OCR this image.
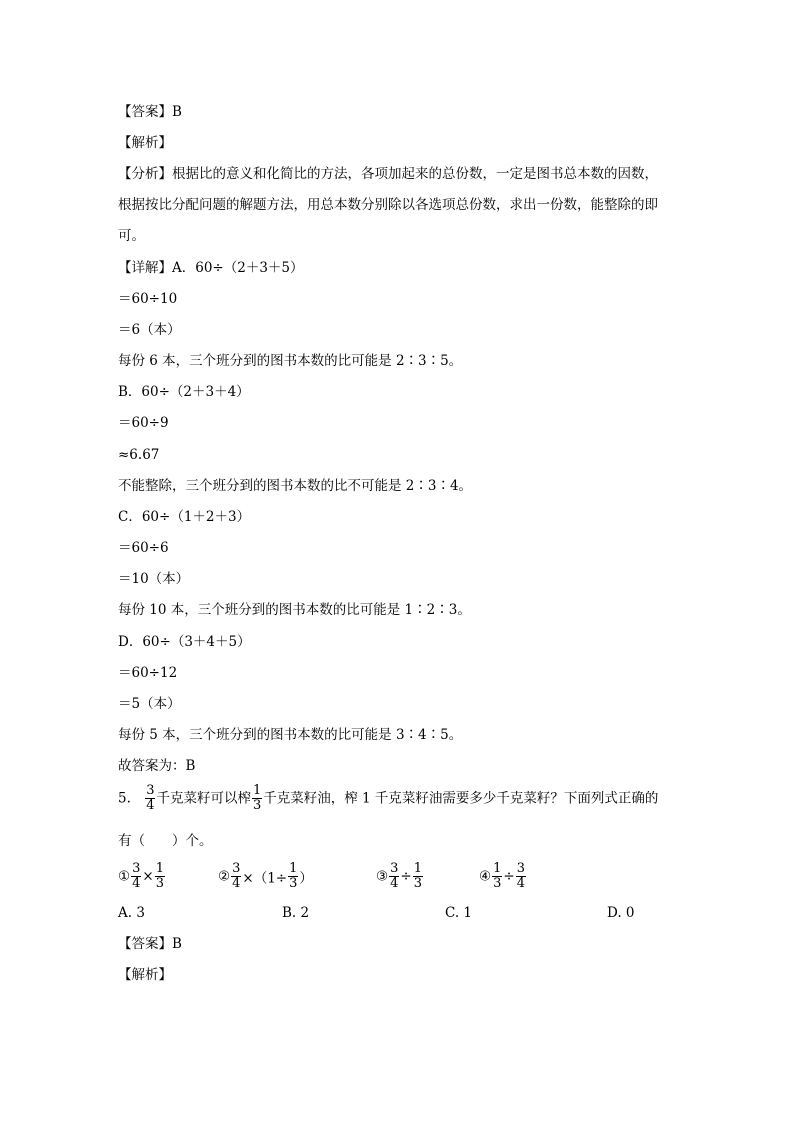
【答案】B
【解析】
【分析】根据比的意义和化简比的方法，各项加起来的总份数，一定是图书总本数的因数，
根据按比分配问题的解题方法，用总本数分别除以各选项总份数，求出一份数，能整除的即
可。
【详解】A．60÷（2＋3＋5）
＝60÷10
＝6（本）
每份 6 本，三个班分到的图书本数的比可能是 2∶3∶5。
B．60÷（2＋3＋4）
＝60÷9
≈6.67
不能整除，三个班分到的图书本数的比不可能是 2∶3∶4。
C．60÷（1＋2＋3）
＝60÷6
＝10（本）
每份 10 本，三个班分到的图书本数的比可能是 1∶2∶3。
D．60÷（3＋4＋5）
＝60÷12
＝5（本）
每份 5 本，三个班分到的图书本数的比可能是 3∶4∶5。
故答案为：B
5. $\frac{3}{4}$ 千克菜籽可以榨 $\frac{1}{3}$ 千克菜籽油，榨 1 千克菜籽油需要多少千克菜籽？下面列式正确的
有（　　）个。
① $\frac{3}{4} \times \frac{1}{3}$	② $\frac{3}{4} \times(1\div \frac{1}{3}$ ）	③ $\frac{3}{4} \div \frac{1}{3}$	④ $\frac{1}{3} \div \frac{3}{4}$
A. 3	B. 2	C. 1	D. 0
【答案】B
【解析】
